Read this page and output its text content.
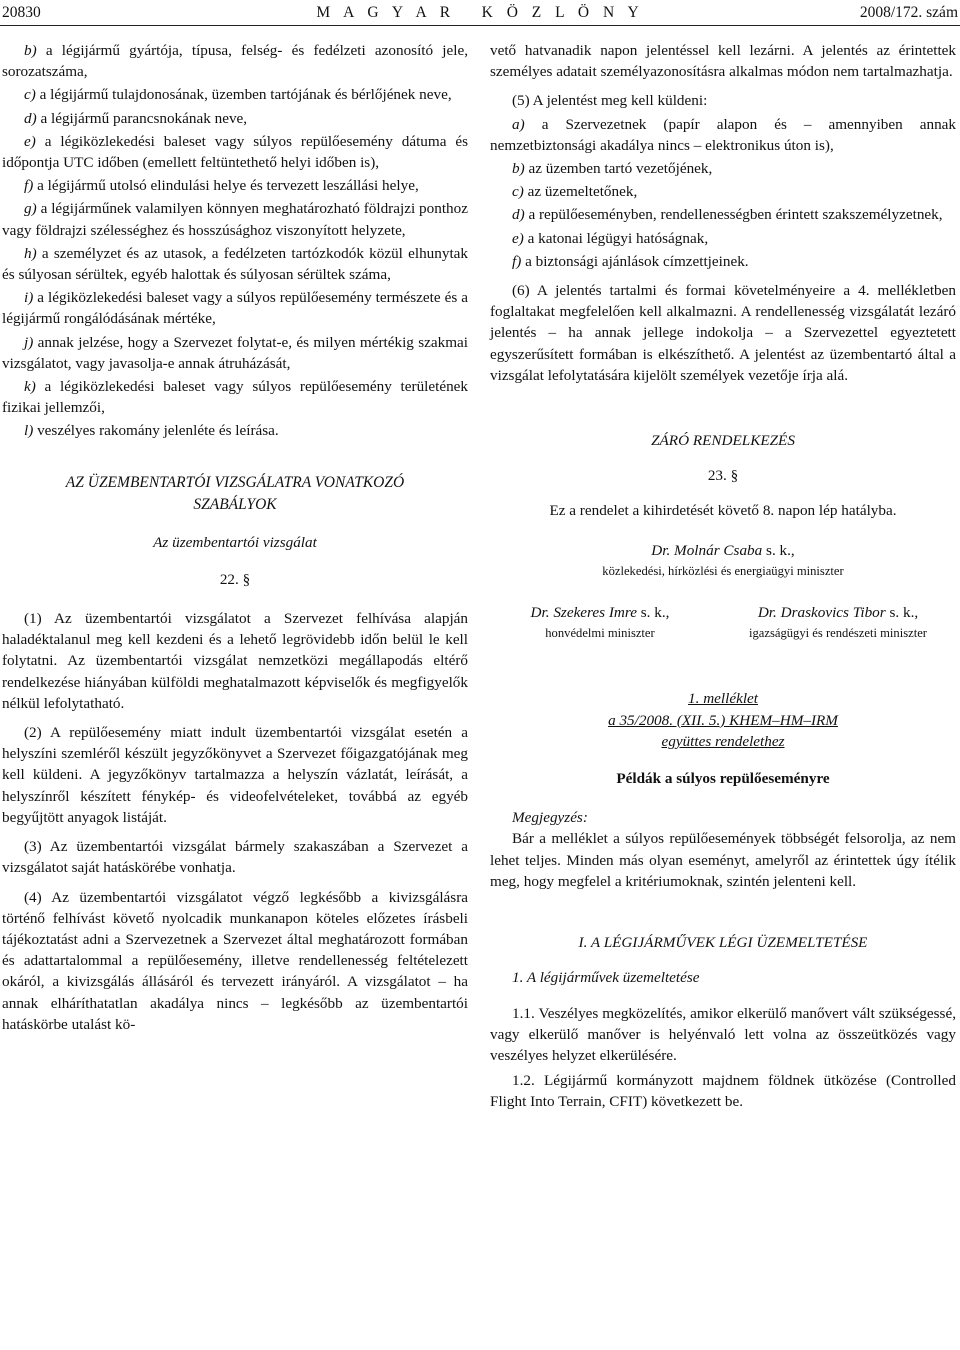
20830	M A G Y A R   K Ö Z L Ö N Y	2008/172. szám

b) a légijármű gyártója, típusa, felség- és fedélzeti azonosító jele, sorozatszáma,

c) a légijármű tulajdonosának, üzemben tartójának és bérlőjének neve,

d) a légijármű parancsnokának neve,

e) a légiközlekedési baleset vagy súlyos repülőesemény dátuma és időpontja UTC időben (emellett feltüntethető helyi időben is),

f) a légijármű utolsó elindulási helye és tervezett leszállási helye,

g) a légijárműnek valamilyen könnyen meghatározható földrajzi ponthoz vagy földrajzi szélességhez és hosszúsághoz viszonyított helyzete,

h) a személyzet és az utasok, a fedélzeten tartózkodók közül elhunytak és súlyosan sérültek, egyéb halottak és súlyosan sérültek száma,

i) a légiközlekedési baleset vagy a súlyos repülőesemény természete és a légijármű rongálódásának mértéke,

j) annak jelzése, hogy a Szervezet folytat-e, és milyen mértékig szakmai vizsgálatot, vagy javasolja-e annak átruházását,

k) a légiközlekedési baleset vagy súlyos repülőesemény területének fizikai jellemzői,

l) veszélyes rakomány jelenléte és leírása.

AZ ÜZEMBENTARTÓI VIZSGÁLATRA VONATKOZÓ SZABÁLYOK
Az üzembentartói vizsgálat
22. §

(1) Az üzembentartói vizsgálatot a Szervezet felhívása alapján haladéktalanul meg kell kezdeni és a lehető legrövidebb időn belül le kell folytatni. Az üzembentartói vizsgálat nemzetközi megállapodás eltérő rendelkezése hiányában külföldi meghatalmazott képviselők és megfigyelők nélkül lefolytatható.

(2) A repülőesemény miatt indult üzembentartói vizsgálat esetén a helyszíni szemléről készült jegyzőkönyvet a Szervezet főigazgatójának meg kell küldeni. A jegyzőkönyv tartalmazza a helyszín vázlatát, leírását, a helyszínről készített fénykép- és videofelvételeket, továbbá az egyéb begyűjtött anyagok listáját.

(3) Az üzembentartói vizsgálat bármely szakaszában a Szervezet a vizsgálatot saját hatáskörébe vonhatja.

(4) Az üzembentartói vizsgálatot végző legkésőbb a kivizsgálásra történő felhívást követő nyolcadik munkanapon köteles előzetes írásbeli tájékoztatást adni a Szervezetnek a Szervezet által meghatározott formában és adattartalommal a repülőesemény, illetve rendellenesség feltételezett okáról, a kivizsgálás állásáról és tervezett irányáról. A vizsgálatot – ha annak elháríthatatlan akadálya nincs – legkésőbb az üzembentartói hatáskörbe utalást kö-

vető hatvanadik napon jelentéssel kell lezárni. A jelentés az érintettek személyes adatait személyazonosításra alkalmas módon nem tartalmazhatja.

(5) A jelentést meg kell küldeni:

a) a Szervezetnek (papír alapon és – amennyiben annak nemzetbiztonsági akadálya nincs – elektronikus úton is),

b) az üzemben tartó vezetőjének,

c) az üzemeltetőnek,

d) a repülőeseményben, rendellenességben érintett szakszemélyzetnek,

e) a katonai légügyi hatóságnak,

f) a biztonsági ajánlások címzettjeinek.

(6) A jelentés tartalmi és formai követelményeire a 4. mellékletben foglaltakat megfelelően kell alkalmazni. A rendellenesség vizsgálatát lezáró jelentés – ha annak jellege indokolja – a Szervezettel egyeztetett egyszerűsített formában is elkészíthető. A jelentést az üzembentartó által a vizsgálat lefolytatására kijelölt személyek vezetője írja alá.

ZÁRÓ RENDELKEZÉS
23. §
Ez a rendelet a kihirdetését követő 8. napon lép hatályba.
Dr. Molnár Csaba s. k.,
közlekedési, hírközlési és energiaügyi miniszter
Dr. Szekeres Imre s. k.,
honvédelmi miniszter
Dr. Draskovics Tibor s. k.,
igazságügyi és rendészeti miniszter
1. melléklet
a 35/2008. (XII. 5.) KHEM–HM–IRM
együttes rendelethez
Példák a súlyos repülőeseményre
Megjegyzés:

Bár a melléklet a súlyos repülőesemények többségét felsorolja, az nem lehet teljes. Minden más olyan eseményt, amelyről az érintettek úgy ítélik meg, hogy megfelel a kritériumoknak, szintén jelenteni kell.

I. A LÉGIJÁRMŰVEK LÉGI ÜZEMELTETÉSE
1. A légijárművek üzemeltetése

1.1. Veszélyes megközelítés, amikor elkerülő manővert vált szükségessé, vagy elkerülő manőver is helyénvaló lett volna az összeütközés vagy veszélyes helyzet elkerülésére.

1.2. Légijármű kormányzott majdnem földnek ütközése (Controlled Flight Into Terrain, CFIT) következett be.
